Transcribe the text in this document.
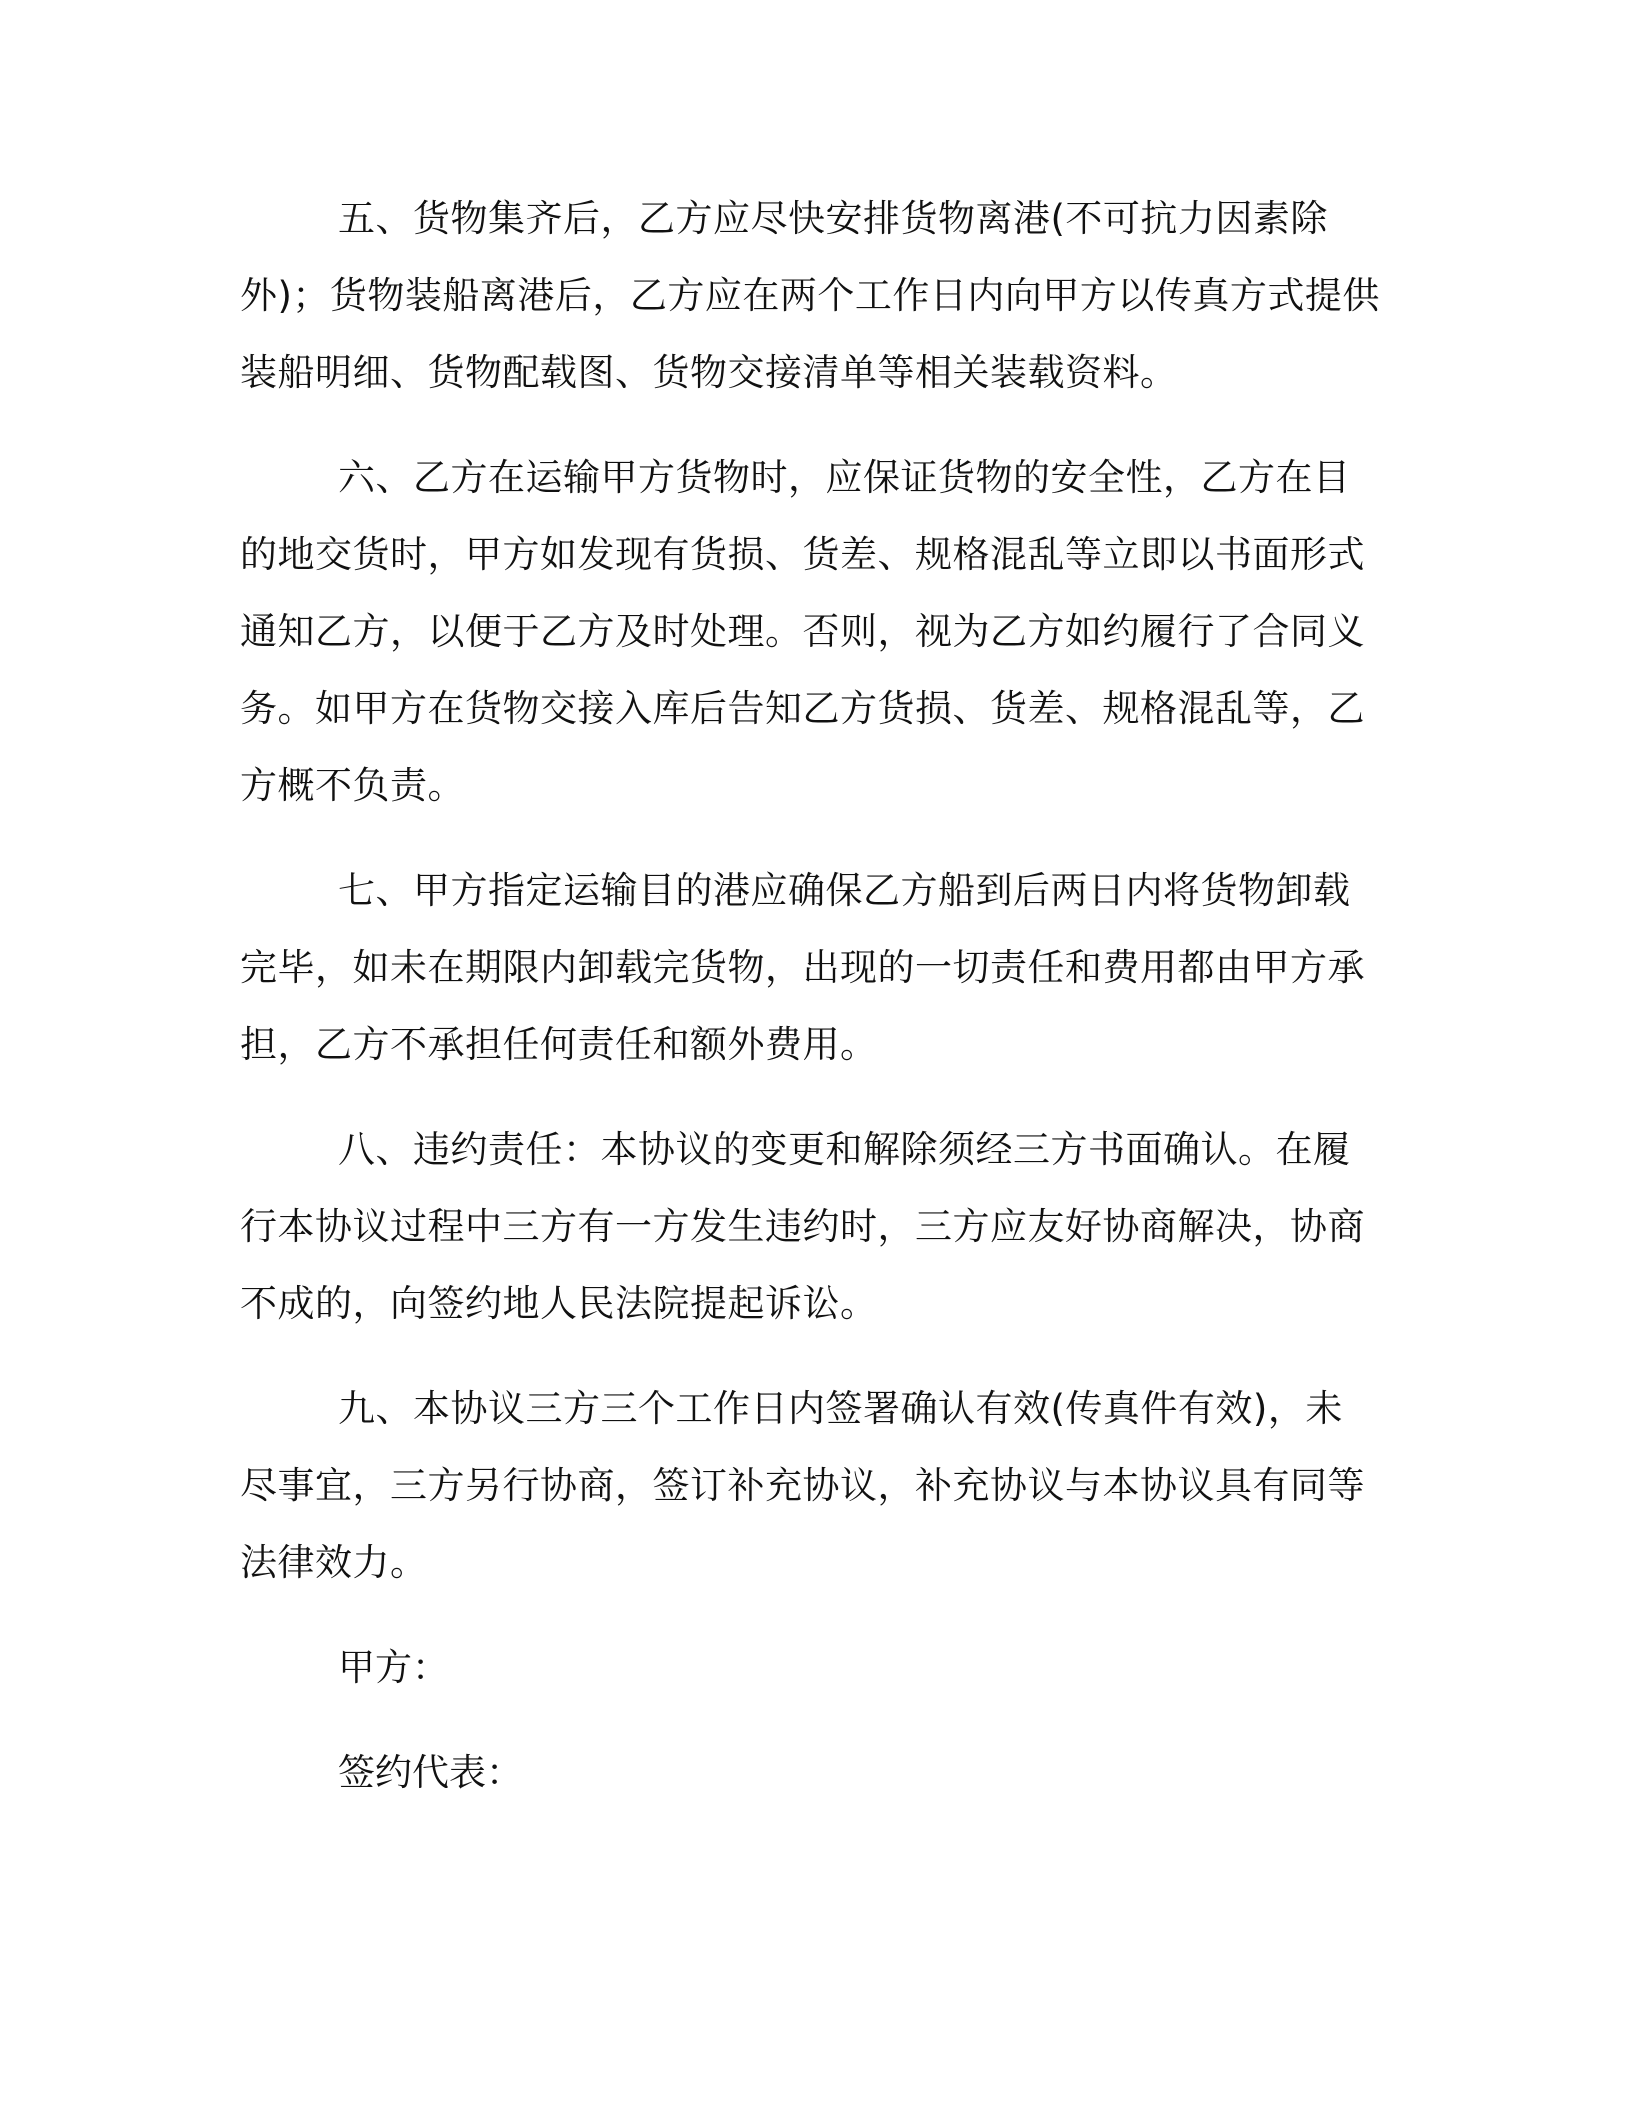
五、货物集齐后，乙方应尽快安排货物离港(不可抗力因素除外)；货物装船离港后，乙方应在两个工作日内向甲方以传真方式提供装船明细、货物配载图、货物交接清单等相关装载资料。

六、乙方在运输甲方货物时，应保证货物的安全性，乙方在目的地交货时，甲方如发现有货损、货差、规格混乱等立即以书面形式通知乙方，以便于乙方及时处理。否则，视为乙方如约履行了合同义务。如甲方在货物交接入库后告知乙方货损、货差、规格混乱等，乙方概不负责。

七、甲方指定运输目的港应确保乙方船到后两日内将货物卸载完毕，如未在期限内卸载完货物，出现的一切责任和费用都由甲方承担，乙方不承担任何责任和额外费用。

八、违约责任：本协议的变更和解除须经三方书面确认。在履行本协议过程中三方有一方发生违约时，三方应友好协商解决，协商不成的，向签约地人民法院提起诉讼。

九、本协议三方三个工作日内签署确认有效(传真件有效)，未尽事宜，三方另行协商，签订补充协议，补充协议与本协议具有同等法律效力。

甲方：

签约代表：
